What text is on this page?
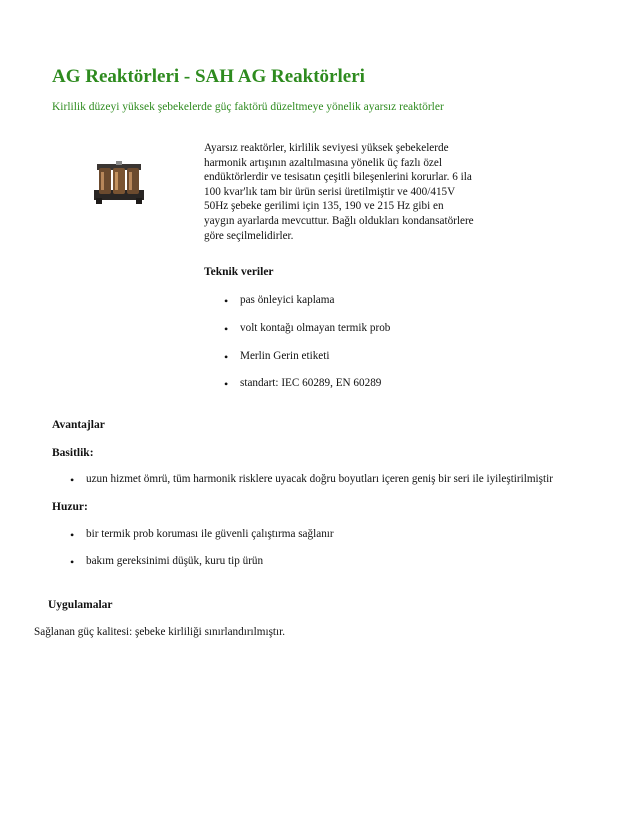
AG Reaktörleri - SAH AG Reaktörleri

Kirlilik düzeyi yüksek şebekelerde güç faktörü düzeltmeye yönelik ayarsız reaktörler

Ayarsız reaktörler, kirlilik seviyesi yüksek şebekelerde harmonik artışının azaltılmasına yönelik üç fazlı özel endüktörlerdir ve tesisatın çeşitli bileşenlerini korurlar. 6 ila 100 kvar'lık tam bir ürün serisi üretilmiştir ve 400/415V 50Hz şebeke gerilimi için 135, 190 ve 215 Hz gibi en yaygın ayarlarda mevcuttur. Bağlı oldukları kondansatörlere göre seçilmelidirler.

Teknik veriler
• pas önleyici kaplama
• volt kontağı olmayan termik prob
• Merlin Gerin etiketi
• standart: IEC 60289, EN 60289
Avantajlar
Basitlik:
• uzun hizmet ömrü, tüm harmonik risklere uyacak doğru boyutları içeren geniş bir seri ile iyileştirilmiştir
Huzur:
• bir termik prob koruması ile güvenli çalıştırma sağlanır
• bakım gereksinimi düşük, kuru tip ürün
Uygulamalar

Sağlanan güç kalitesi: şebeke kirliliği sınırlandırılmıştır.
